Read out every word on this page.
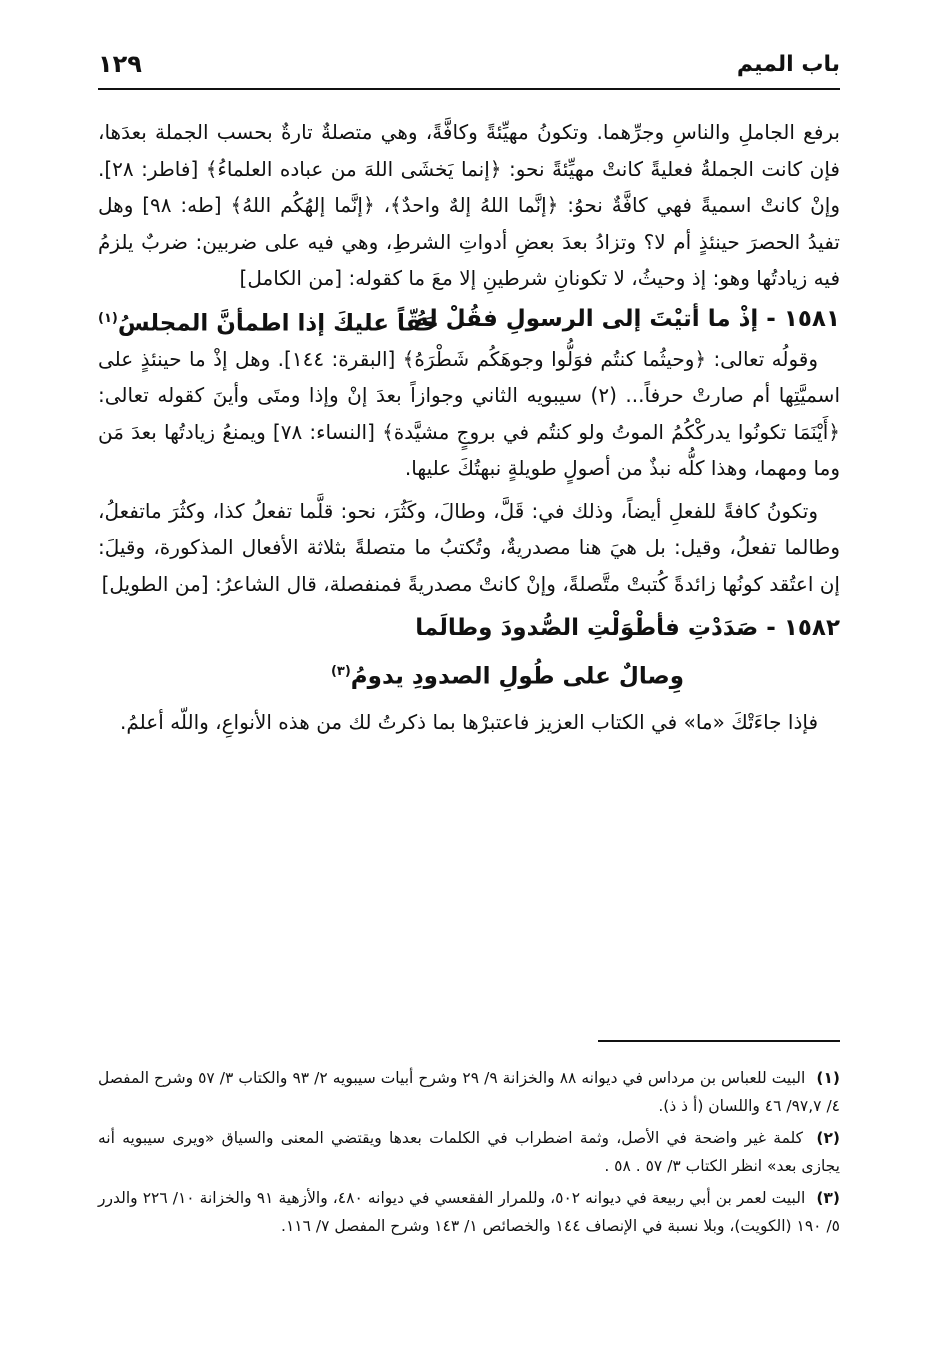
باب الميم
١٢٩

برفع الجاملِ والناسِ وجرِّهما. وتكونُ مهيِّئةً وكافَّةً، وهي متصلةٌ تارةٌ بحسب الجملة بعدَها، فإن كانت الجملةُ فعليةً كانتْ مهيِّئةً نحو: ﴿إنما يَخشَى اللهَ من عباده العلماءُ﴾ [فاطر: ٢٨]. وإنْ كانتْ اسميةً فهي كافَّةٌ نحوُ: ﴿إنَّما اللهُ إلهٌ واحدٌ﴾، ﴿إنَّما إلهُكُم اللهُ﴾ [طه: ٩٨] وهل تفيدُ الحصرَ حينئذٍ أم لا؟ وتزادُ بعدَ بعضِ أدواتِ الشرطِ، وهي فيه على ضربين: ضربٌ يلزمُ فيه زيادتُها وهو: إذ وحيثُ، لا تكونانِ شرطينِ إلا معَ ما كقوله: [من الكامل]

١٥٨١ - إذْ ما أتيْتَ إلى الرسولِ فقُلْ لهُ
حَقّاً عليكَ إذا اطمأنَّ المجلسُ$^{(١)}$

وقولُه تعالى: ﴿وحيثُما كنتُم فوَلُّوا وجوهَكُم شَطْرَهُ﴾ [البقرة: ١٤٤]. وهل إذْ ما حينئذٍ على اسميَّتِها أم صارتْ حرفاً... (٢) سيبويه الثاني وجوازاً بعدَ إنْ وإذا ومتَى وأينَ كقوله تعالى: ﴿أَيْنَمَا تكونُوا يدركْكُمُ الموتُ ولو كنتُم في بروجٍ مشيَّدة﴾ [النساء: ٧٨] ويمنعُ زيادتُها بعدَ مَن وما ومهما، وهذا كلُّه نبذٌ من أصولٍ طويلةٍ نبهتُكَ عليها.

وتكونُ كافةً للفعلِ أيضاً، وذلك في: قَلَّ، وطالَ، وكَثُرَ، نحو: قلَّما تفعلُ كذا، وكثُرَ ماتفعلُ، وطالما تفعلُ، وقيل: بل هيَ هنا مصدريةٌ، وتُكتبُ ما متصلةً بثلاثة الأفعال المذكورة، وقيلَ: إن اعتُقد كونُها زائدةً كُتبتْ متَّصلةً، وإنْ كانتْ مصدريةً فمنفصلة، قال الشاعرُ: [من الطويل]

١٥٨٢ - صَدَدْتِ فأطْوَلْتِ الصُّدودَ وطالَما
وِصالٌ على طُولِ الصدودِ يدومُ$^{(٣)}$

فإذا جاءَتْكَ «ما» في الكتاب العزيز فاعتبرْها بما ذكرتُ لك من هذه الأنواعِ، واللّه أعلمُ.

(١) البيت للعباس بن مرداس في ديوانه ٨٨ والخزانة ٩/ ٢٩ وشرح أبيات سيبويه ٢/ ٩٣ والكتاب ٣/ ٥٧ وشرح المفصل ٤/ ٩٧,٧/ ٤٦ واللسان (أ ذ ذ).

(٢) كلمة غير واضحة في الأصل، وثمة اضطراب في الكلمات بعدها ويقتضي المعنى والسياق «ويرى سيبويه أنه يجازى بعد» انظر الكتاب ٣/ ٥٧ . ٥٨ .

(٣) البيت لعمر بن أبي ربيعة في ديوانه ٥٠٢، وللمرار الفقعسي في ديوانه ٤٨٠، والأزهية ٩١ والخزانة ١٠/ ٢٢٦ والدرر ٥/ ١٩٠ (الكويت)، وبلا نسبة في الإنصاف ١٤٤ والخصائص ١/ ١٤٣ وشرح المفصل ٧/ ١١٦.
